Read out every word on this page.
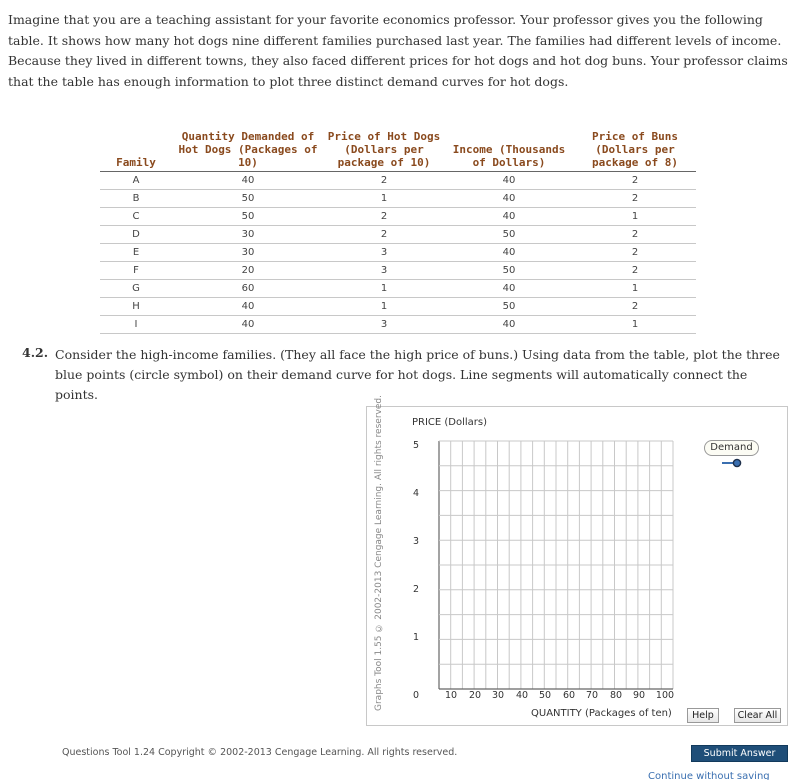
Imagine that you are a teaching assistant for your favorite economics professor. Your professor gives you the following table. It shows how many hot dogs nine different families purchased last year. The families had different levels of income. Because they lived in different towns, they also faced different prices for hot dogs and hot dog buns. Your professor claims that the table has enough information to plot three distinct demand curves for hot dogs.
Family	Quantity Demanded of Hot Dogs (Packages of 10)	Price of Hot Dogs (Dollars per package of 10)	Income (Thousands of Dollars)	Price of Buns (Dollars per package of 8)
A	40	2	40	2
B	50	1	40	2
C	50	2	40	1
D	30	2	50	2
E	30	3	40	2
F	20	3	50	2
G	60	1	40	1
H	40	1	50	2
I	40	3	40	1
4.2. Consider the high-income families. (They all face the high price of buns.) Using data from the table, plot the three blue points (circle symbol) on their demand curve for hot dogs. Line segments will automatically connect the points.
Graphs Tool 1.55 © 2002-2013 Cengage Learning. All rights reserved.	PRICE (Dollars)
5
4
3
2
1
0	10	20	30	40	50	60	70	80	90	100
QUANTITY (Packages of ten)
Demand
Help	Clear All
Questions Tool 1.24 Copyright © 2002-2013 Cengage Learning. All rights reserved.	Submit Answer
Continue without saving
